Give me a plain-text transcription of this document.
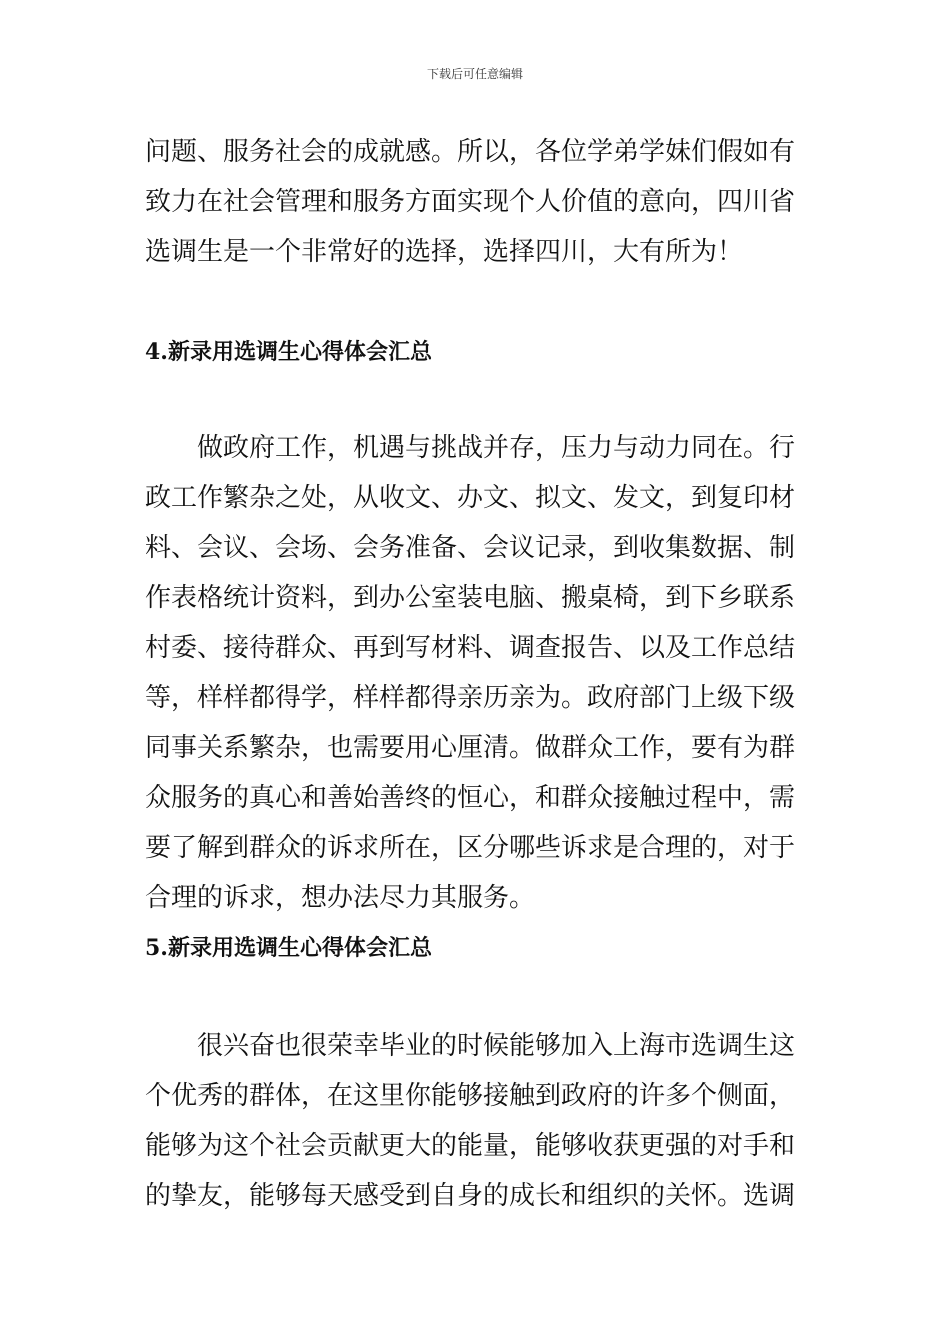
下载后可任意编辑

问题、服务社会的成就感。所以，各位学弟学妹们假如有

致力在社会管理和服务方面实现个人价值的意向，四川省

选调生是一个非常好的选择，选择四川，大有所为！

4.新录用选调生心得体会汇总

做政府工作，机遇与挑战并存，压力与动力同在。行

政工作繁杂之处，从收文、办文、拟文、发文，到复印材

料、会议、会场、会务准备、会议记录，到收集数据、制

作表格统计资料，到办公室装电脑、搬桌椅，到下乡联系

村委、接待群众、再到写材料、调查报告、以及工作总结

等，样样都得学，样样都得亲历亲为。政府部门上级下级

同事关系繁杂，也需要用心厘清。做群众工作，要有为群

众服务的真心和善始善终的恒心，和群众接触过程中，需

要了解到群众的诉求所在，区分哪些诉求是合理的，对于

合理的诉求，想办法尽力其服务。

5.新录用选调生心得体会汇总

很兴奋也很荣幸毕业的时候能够加入上海市选调生这

个优秀的群体，在这里你能够接触到政府的许多个侧面，

能够为这个社会贡献更大的能量，能够收获更强的对手和

的挚友，能够每天感受到自身的成长和组织的关怀。选调
